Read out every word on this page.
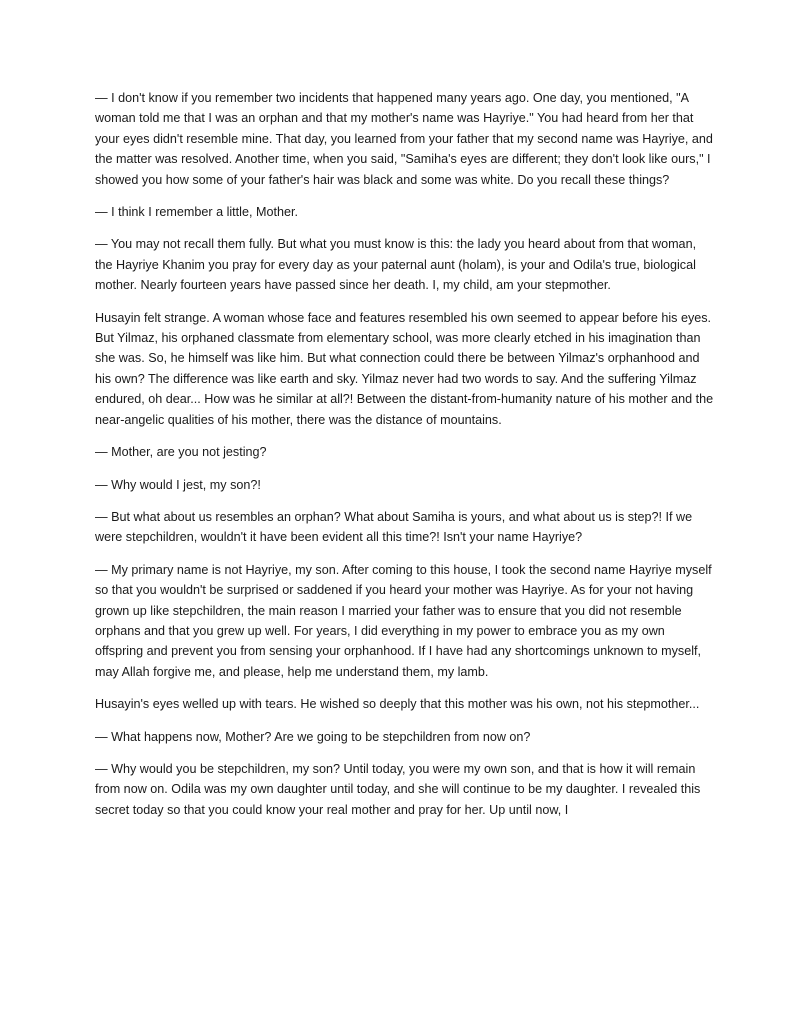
— I don't know if you remember two incidents that happened many years ago. One day, you mentioned, "A woman told me that I was an orphan and that my mother's name was Hayriye." You had heard from her that your eyes didn't resemble mine. That day, you learned from your father that my second name was Hayriye, and the matter was resolved. Another time, when you said, "Samiha's eyes are different; they don't look like ours," I showed you how some of your father's hair was black and some was white. Do you recall these things?

— I think I remember a little, Mother.

— You may not recall them fully. But what you must know is this: the lady you heard about from that woman, the Hayriye Khanim you pray for every day as your paternal aunt (holam), is your and Odila's true, biological mother. Nearly fourteen years have passed since her death. I, my child, am your stepmother.

Husayin felt strange. A woman whose face and features resembled his own seemed to appear before his eyes. But Yilmaz, his orphaned classmate from elementary school, was more clearly etched in his imagination than she was. So, he himself was like him. But what connection could there be between Yilmaz's orphanhood and his own? The difference was like earth and sky. Yilmaz never had two words to say. And the suffering Yilmaz endured, oh dear... How was he similar at all?! Between the distant-from-humanity nature of his mother and the near-angelic qualities of his mother, there was the distance of mountains.

— Mother, are you not jesting?

— Why would I jest, my son?!

— But what about us resembles an orphan? What about Samiha is yours, and what about us is step?! If we were stepchildren, wouldn't it have been evident all this time?! Isn't your name Hayriye?

— My primary name is not Hayriye, my son. After coming to this house, I took the second name Hayriye myself so that you wouldn't be surprised or saddened if you heard your mother was Hayriye. As for your not having grown up like stepchildren, the main reason I married your father was to ensure that you did not resemble orphans and that you grew up well. For years, I did everything in my power to embrace you as my own offspring and prevent you from sensing your orphanhood. If I have had any shortcomings unknown to myself, may Allah forgive me, and please, help me understand them, my lamb.

Husayin's eyes welled up with tears. He wished so deeply that this mother was his own, not his stepmother...

— What happens now, Mother? Are we going to be stepchildren from now on?

— Why would you be stepchildren, my son? Until today, you were my own son, and that is how it will remain from now on. Odila was my own daughter until today, and she will continue to be my daughter. I revealed this secret today so that you could know your real mother and pray for her. Up until now, I
